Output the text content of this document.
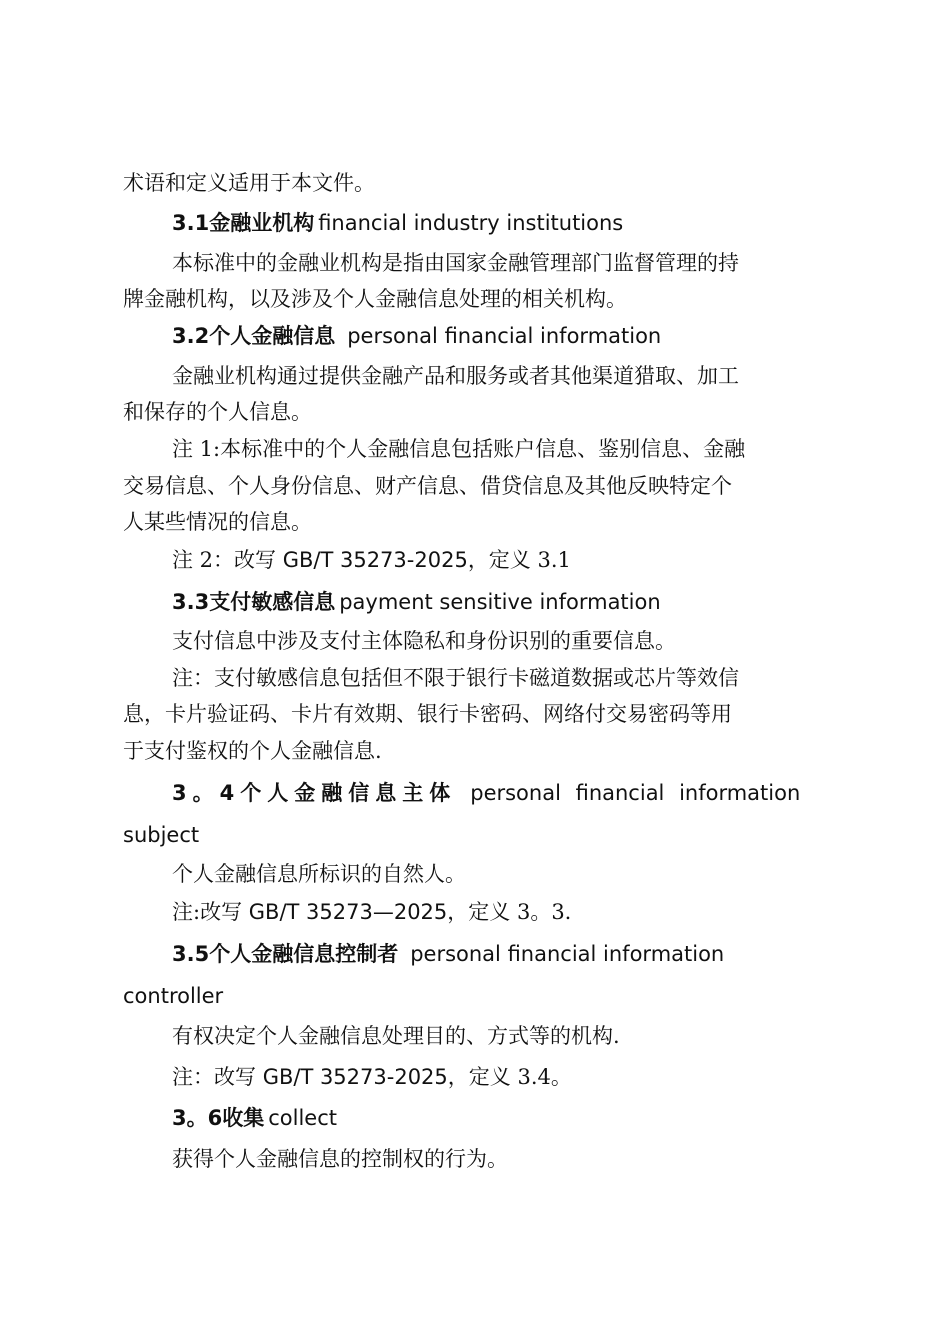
术语和定义适用于本文件。
3.1金融业机构 financial industry institutions
本标准中的金融业机构是指由国家金融管理部门监督管理的持
牌金融机构，以及涉及个人金融信息处理的相关机构。
3.2个人金融信息 personal financial information
金融业机构通过提供金融产品和服务或者其他渠道猎取、加工
和保存的个人信息。
注 1:本标准中的个人金融信息包括账户信息、鉴别信息、金融
交易信息、个人身份信息、财产信息、借贷信息及其他反映特定个
人某些情况的信息。
注 2：改写 GB/T 35273-2025，定义 3.1
3.3支付敏感信息 payment sensitive information
支付信息中涉及支付主体隐私和身份识别的重要信息。
注：支付敏感信息包括但不限于银行卡磁道数据或芯片等效信
息，卡片验证码、卡片有效期、银行卡密码、网络付交易密码等用
于支付鉴权的个人金融信息.
3。4个人金融信息主体 personal financial information
subject
个人金融信息所标识的自然人。
注:改写 GB/T 35273—2025，定义 3。3.
3.5个人金融信息控制者 personal financial information
controller
有权决定个人金融信息处理目的、方式等的机构.
注：改写 GB/T 35273-2025，定义 3.4。
3。6收集 collect
获得个人金融信息的控制权的行为。
